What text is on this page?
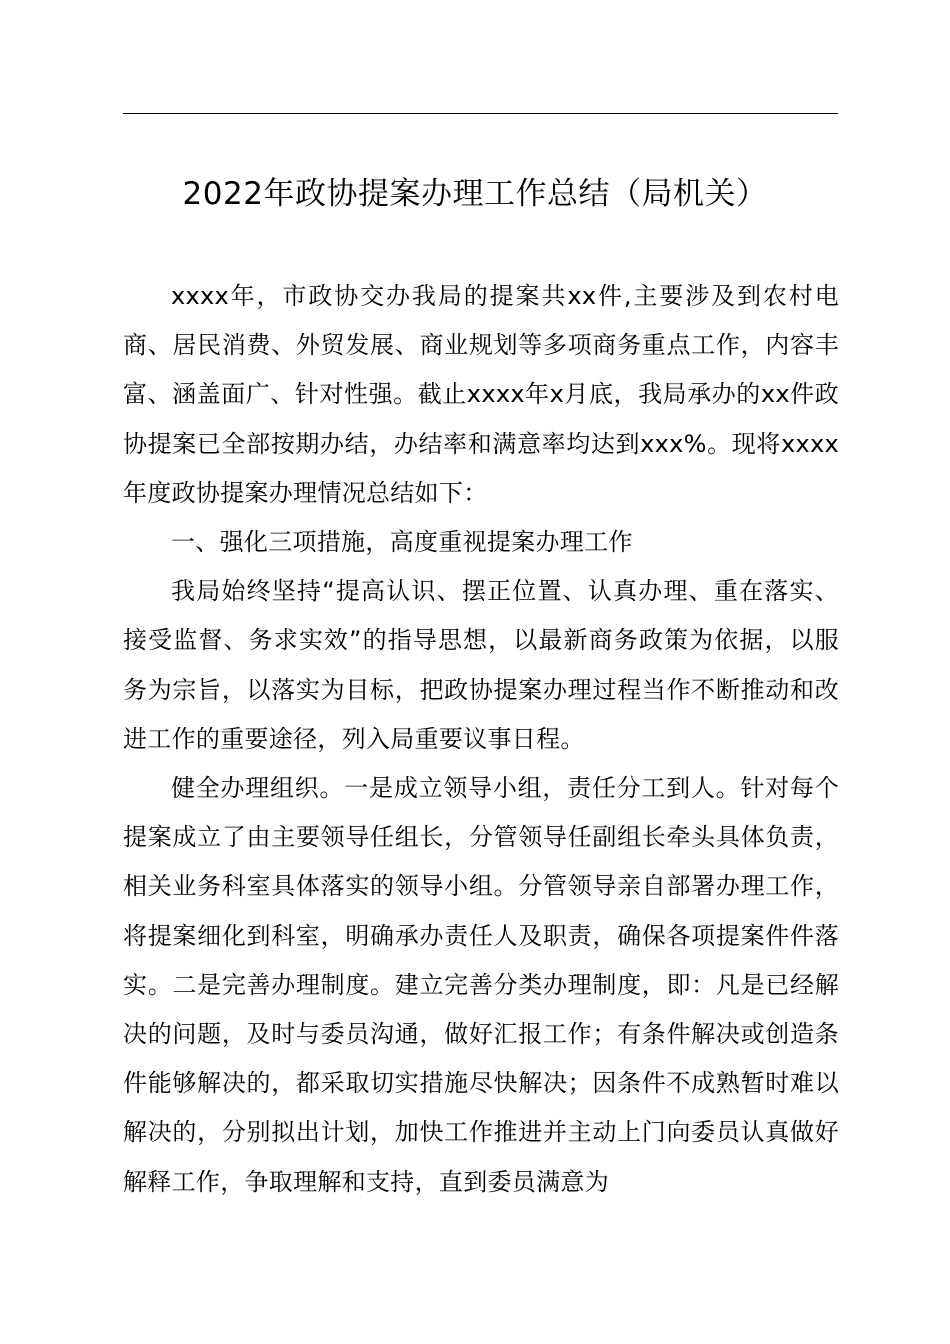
2022年政协提案办理工作总结（局机关）

xxxx年，市政协交办我局的提案共xx件,主要涉及到农村电商、居民消费、外贸发展、商业规划等多项商务重点工作，内容丰富、涵盖面广、针对性强。截止xxxx年x月底，我局承办的xx件政协提案已全部按期办结，办结率和满意率均达到xxx%。现将xxxx年度政协提案办理情况总结如下：

一、强化三项措施，高度重视提案办理工作

我局始终坚持“提高认识、摆正位置、认真办理、重在落实、接受监督、务求实效”的指导思想，以最新商务政策为依据，以服务为宗旨，以落实为目标，把政协提案办理过程当作不断推动和改进工作的重要途径，列入局重要议事日程。

健全办理组织。一是成立领导小组，责任分工到人。针对每个提案成立了由主要领导任组长，分管领导任副组长牵头具体负责，相关业务科室具体落实的领导小组。分管领导亲自部署办理工作，将提案细化到科室，明确承办责任人及职责，确保各项提案件件落实。二是完善办理制度。建立完善分类办理制度，即：凡是已经解决的问题，及时与委员沟通，做好汇报工作；有条件解决或创造条件能够解决的，都采取切实措施尽快解决；因条件不成熟暂时难以解决的，分别拟出计划，加快工作推进并主动上门向委员认真做好解释工作，争取理解和支持，直到委员满意为
